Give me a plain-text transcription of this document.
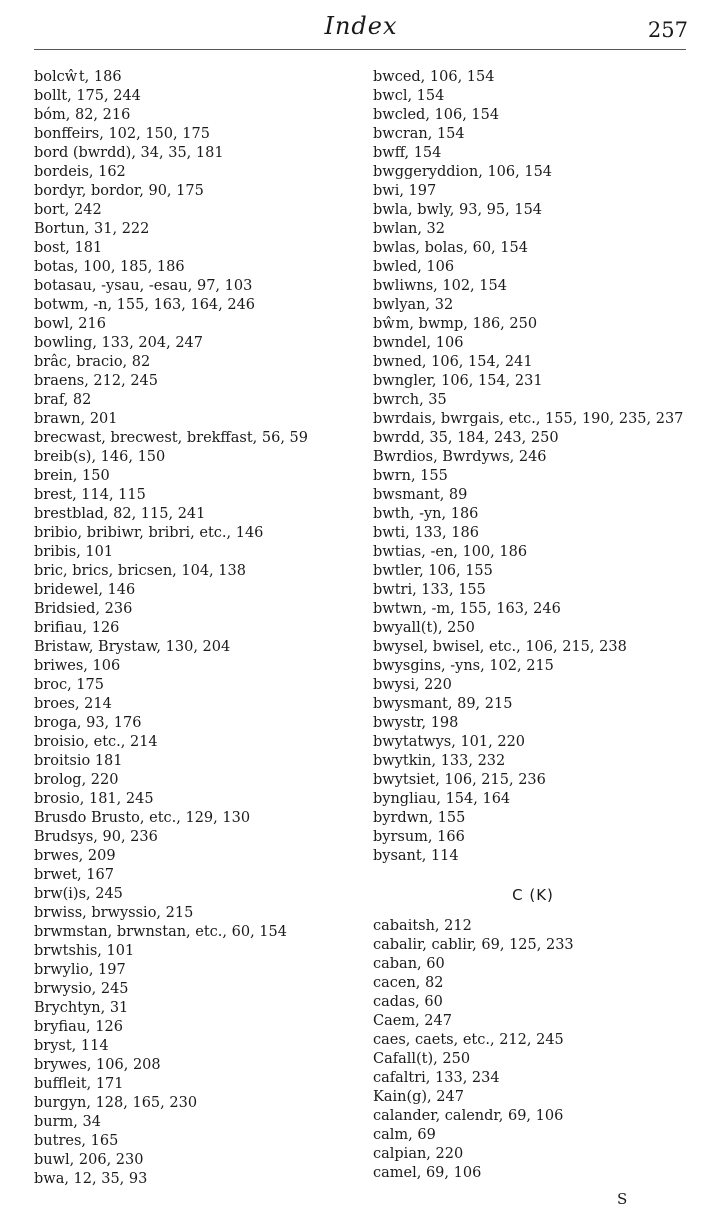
Index	257
bolcŵt, 186
bollt, 175, 244
bóm, 82, 216
bonffeirs, 102, 150, 175
bord (bwrdd), 34, 35, 181
bordeis, 162
bordyr, bordor, 90, 175
bort, 242
Bortun, 31, 222
bost, 181
botas, 100, 185, 186
botasau, -ysau, -esau, 97, 103
botwm, -n, 155, 163, 164, 246
bowl, 216
bowling, 133, 204, 247
brâc, bracio, 82
braens, 212, 245
braf, 82
brawn, 201
brecwast, brecwest, brekffast, 56, 59
breib(s), 146, 150
brein, 150
brest, 114, 115
brestblad, 82, 115, 241
bribio, bribiwr, bribri, etc., 146
bribis, 101
bric, brics, bricsen, 104, 138
bridewel, 146
Bridsied, 236
brifiau, 126
Bristaw, Brystaw, 130, 204
briwes, 106
broc, 175
broes, 214
broga, 93, 176
broisio, etc., 214
broitsio 181
brolog, 220
brosio, 181, 245
Brusdo Brusto, etc., 129, 130
Brudsys, 90, 236
brwes, 209
brwet, 167
brw(i)s, 245
brwiss, brwyssio, 215
brwmstan, brwnstan, etc., 60, 154
brwtshis, 101
brwylio, 197
brwysio, 245
Brychtyn, 31
bryfiau, 126
bryst, 114
brywes, 106, 208
buffleit, 171
burgyn, 128, 165, 230
burm, 34
butres, 165
buwl, 206, 230
bwa, 12, 35, 93
bwced, 106, 154
bwcl, 154
bwcled, 106, 154
bwcran, 154
bwff, 154
bwggeryddion, 106, 154
bwi, 197
bwla, bwly, 93, 95, 154
bwlan, 32
bwlas, bolas, 60, 154
bwled, 106
bwliwns, 102, 154
bwlyan, 32
bŵm, bwmp, 186, 250
bwndel, 106
bwned, 106, 154, 241
bwngler, 106, 154, 231
bwrch, 35
bwrdais, bwrgais, etc., 155, 190, 235, 237
bwrdd, 35, 184, 243, 250
Bwrdios, Bwrdyws, 246
bwrn, 155
bwsmant, 89
bwth, -yn, 186
bwti, 133, 186
bwtias, -en, 100, 186
bwtler, 106, 155
bwtri, 133, 155
bwtwn, -m, 155, 163, 246
bwyall(t), 250
bwysel, bwisel, etc., 106, 215, 238
bwysgins, -yns, 102, 215
bwysi, 220
bwysmant, 89, 215
bwystr, 198
bwytatwys, 101, 220
bwytkin, 133, 232
bwytsiet, 106, 215, 236
byngliau, 154, 164
byrdwn, 155
byrsum, 166
bysant, 114
C (K)
cabaitsh, 212
cabalir, cablir, 69, 125, 233
caban, 60
cacen, 82
cadas, 60
Caem, 247
caes, caets, etc., 212, 245
Cafall(t), 250
cafaltri, 133, 234
Kain(g), 247
calander, calendr, 69, 106
calm, 69
calpian, 220
camel, 69, 106
S
